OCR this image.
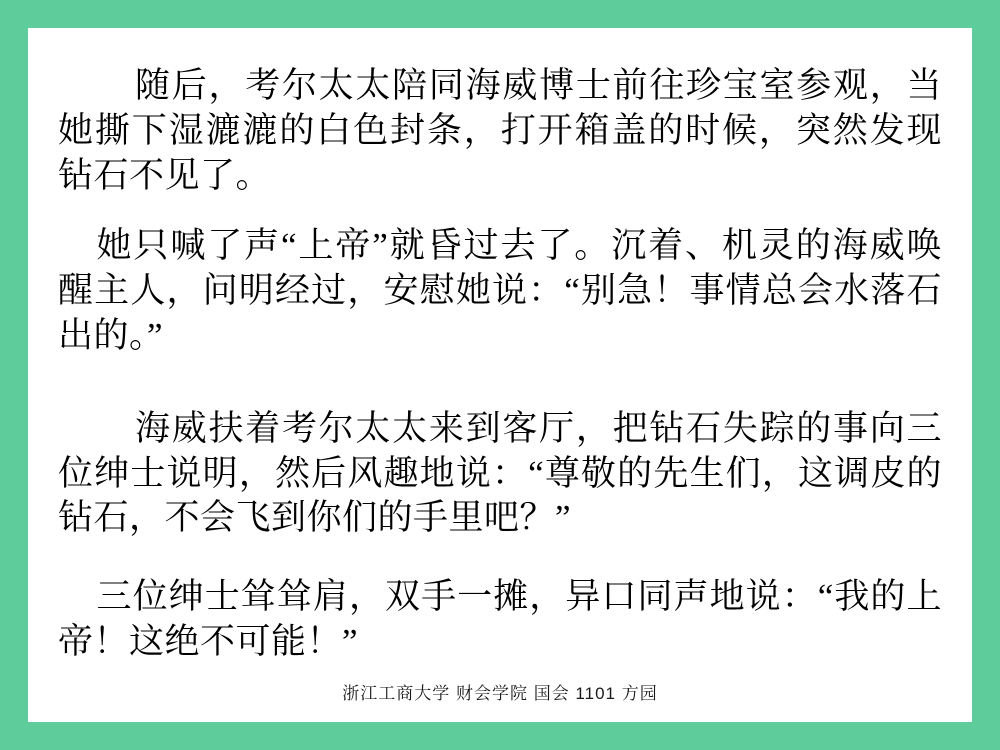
随后，考尔太太陪同海威博士前往珍宝室参观，当她撕下湿漉漉的白色封条，打开箱盖的时候，突然发现钻石不见了。

她只喊了声“上帝”就昏过去了。沉着、机灵的海威唤醒主人，问明经过，安慰她说：“别急！事情总会水落石出的。”

海威扶着考尔太太来到客厅，把钻石失踪的事向三位绅士说明，然后风趣地说：“尊敬的先生们，这调皮的钻石，不会飞到你们的手里吧？”

三位绅士耸耸肩，双手一摊，异口同声地说：“我的上帝！这绝不可能！”

浙江工商大学 财会学院 国会 1101 方园
